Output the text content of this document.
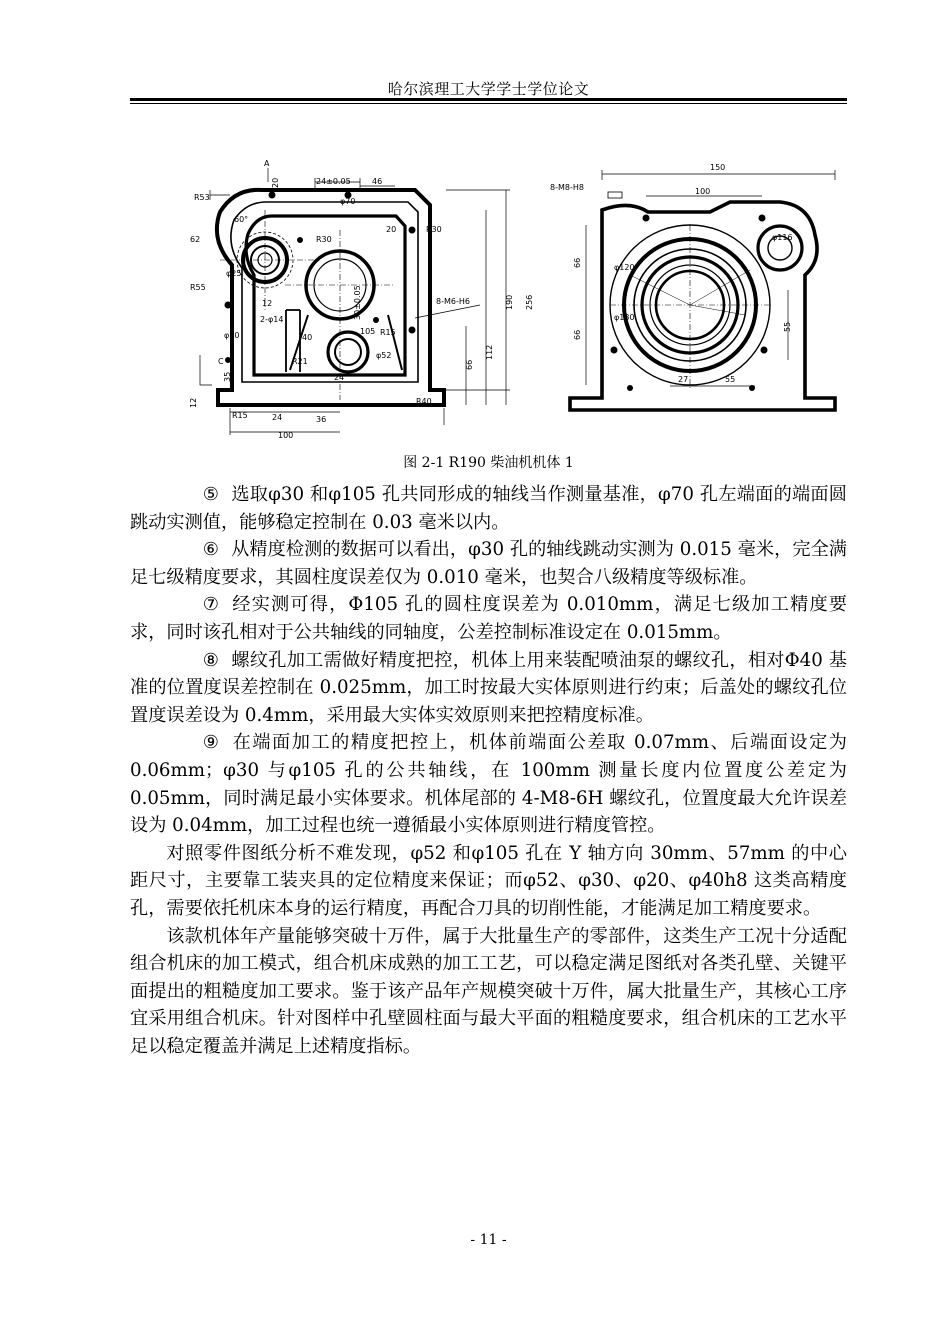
哈尔滨理工大学学士学位论文
A
20	24±0.05	46
φ70
R53
R30
R30
20
60°
62
R55
φ25
2-φ14
40
φ20
R21
12
C
35	24
30±0.05
105
8-M6-H6
R15
φ52
R40
66
112
190 256
12
R15	24	36
100
150
8-M8-H8	100
φ116
66
66
φ120
φ130
55
27	55
图 2-1 R190 柴油机机体 1

⑤ 选取φ30 和φ105 孔共同形成的轴线当作测量基准，φ70 孔左端面的端面圆跳动实测值，能够稳定控制在 0.03 毫米以内。

⑥ 从精度检测的数据可以看出，φ30 孔的轴线跳动实测为 0.015 毫米，完全满足七级精度要求，其圆柱度误差仅为 0.010 毫米，也契合八级精度等级标准。

⑦ 经实测可得，Φ105 孔的圆柱度误差为 0.010mm，满足七级加工精度要求，同时该孔相对于公共轴线的同轴度，公差控制标准设定在 0.015mm。

⑧ 螺纹孔加工需做好精度把控，机体上用来装配喷油泵的螺纹孔，相对Φ40 基准的位置度误差控制在 0.025mm，加工时按最大实体原则进行约束；后盖处的螺纹孔位置度误差设为 0.4mm，采用最大实体实效原则来把控精度标准。

⑨ 在端面加工的精度把控上，机体前端面公差取 0.07mm、后端面设定为 0.06mm；φ30 与φ105 孔的公共轴线，在 100mm 测量长度内位置度公差定为 0.05mm，同时满足最小实体要求。机体尾部的 4-M8-6H 螺纹孔，位置度最大允许误差设为 0.04mm，加工过程也统一遵循最小实体原则进行精度管控。

对照零件图纸分析不难发现，φ52 和φ105 孔在 Y 轴方向 30mm、57mm 的中心距尺寸，主要靠工装夹具的定位精度来保证；而φ52、φ30、φ20、φ40h8 这类高精度孔，需要依托机床本身的运行精度，再配合刀具的切削性能，才能满足加工精度要求。

该款机体年产量能够突破十万件，属于大批量生产的零部件，这类生产工况十分适配组合机床的加工模式，组合机床成熟的加工工艺，可以稳定满足图纸对各类孔壁、关键平面提出的粗糙度加工要求。鉴于该产品年产规模突破十万件，属大批量生产，其核心工序宜采用组合机床。针对图样中孔壁圆柱面与最大平面的粗糙度要求，组合机床的工艺水平足以稳定覆盖并满足上述精度指标。

- 11 -
